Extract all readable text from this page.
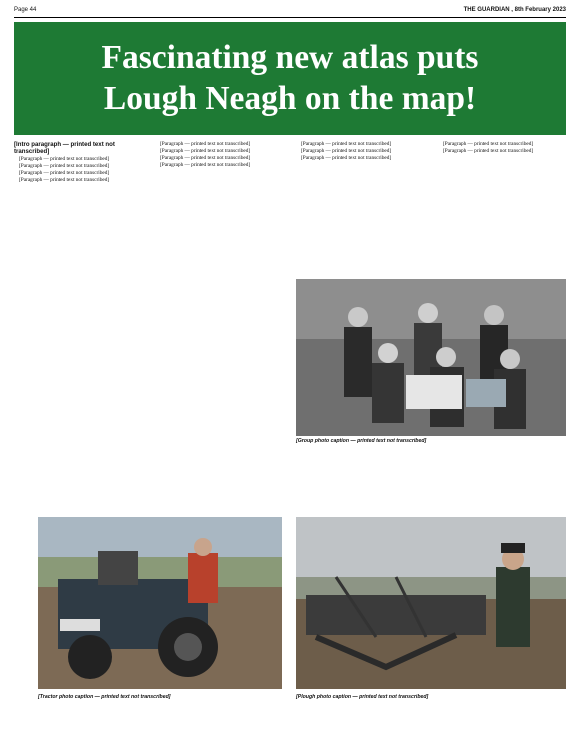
Page 44	THE GUARDIAN , 8th February 2023
Fascinating new atlas puts
Lough Neagh on the map!

[Intro paragraph — printed text not transcribed]

[Paragraph — printed text not transcribed]

[Paragraph — printed text not transcribed]

[Paragraph — printed text not transcribed]

[Paragraph — printed text not transcribed]

[Paragraph — printed text not transcribed]

[Paragraph — printed text not transcribed]

[Paragraph — printed text not transcribed]

[Paragraph — printed text not transcribed]

[Paragraph — printed text not transcribed]

[Paragraph — printed text not transcribed]

[Paragraph — printed text not transcribed]

[Paragraph — printed text not transcribed]

[Paragraph — printed text not transcribed]

[Group photo caption — printed text not transcribed]
[Tractor photo caption — printed text not transcribed]	[Plough photo caption — printed text not transcribed]
